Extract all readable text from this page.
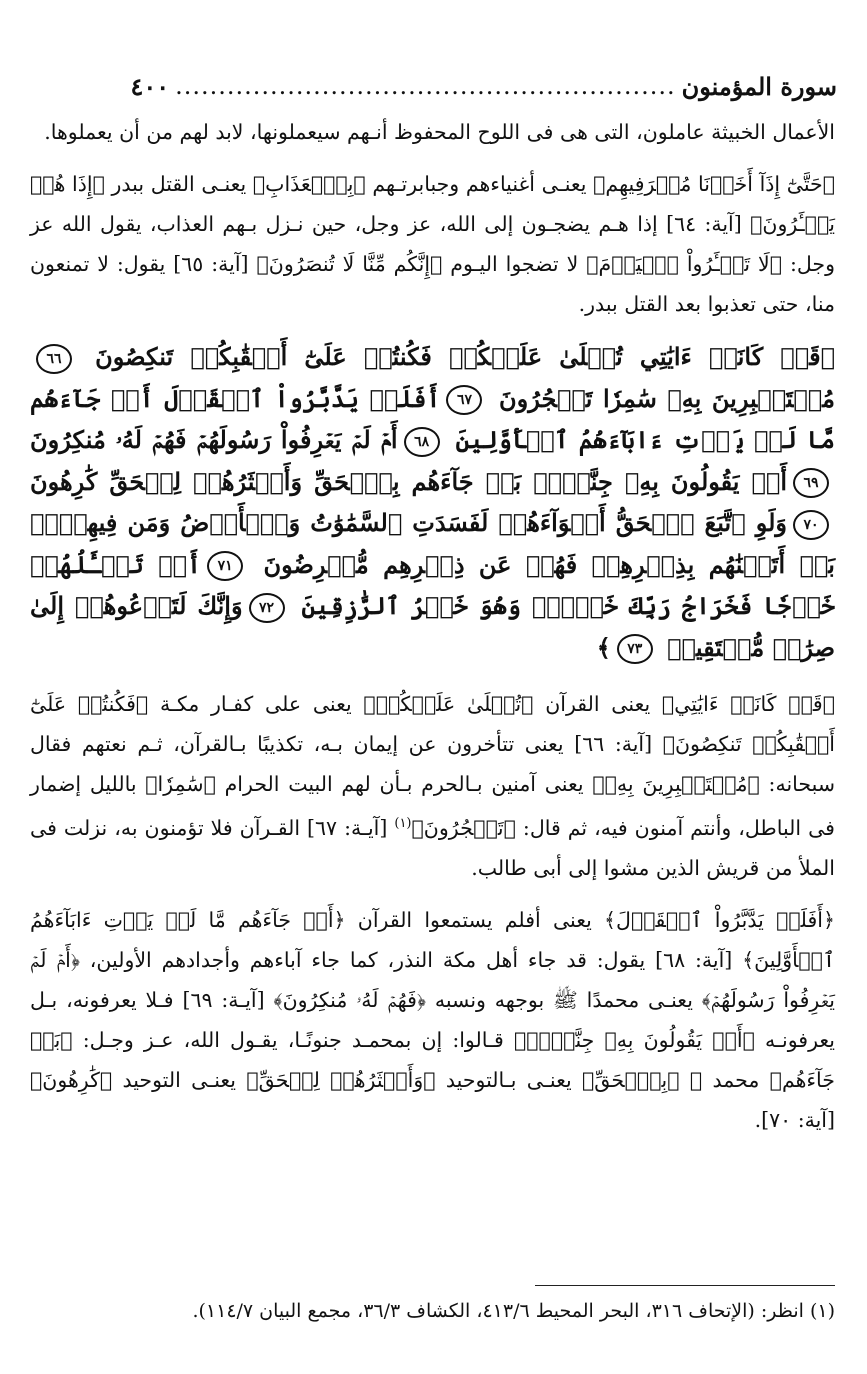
سورة المؤمنون
..........................................................
٤٠٠

الأعمال الخبيثة عاملون، التى هى فى اللوح المحفوظ أنـهم سيعملونها، لابد لهم من أن يعملوها.

﴿حَتَّىٰٓ إِذَآ أَخَذۡنَا مُتۡرَفِيهِم﴾ يعنـى أغنياءهم وجبابرتـهم ﴿بِٱلۡعَذَابِ﴾ يعنـى القتل ببدر ﴿إِذَا هُمۡ يَجۡـَٔرُونَ﴾ [آية: ٦٤] إذا هـم يضجـون إلى الله، عز وجل، حين نـزل بـهم العذاب، يقول الله عز وجل: ﴿لَا تَجۡـَٔرُواْ ٱلۡيَوۡمَ﴾ لا تضجوا اليـوم ﴿إِنَّكُم مِّنَّا لَا تُنصَرُونَ﴾ [آية: ٦٥] يقول: لا تمنعون منا، حتى تعذبوا بعد القتل ببدر.

﴿قَدۡ كَانَتۡ ءَايَٰتِي تُتۡلَىٰ عَلَيۡكُمۡ فَكُنتُمۡ عَلَىٰٓ أَعۡقَٰبِكُمۡ تَنكِصُونَ ٦٦مُسۡتَكۡبِرِينَ بِهِۦ سَٰمِرٗا تَهۡجُرُونَ ٦٧أَفَلَمۡ يَدَّبَّرُواْ ٱلۡقَوۡلَ أَمۡ جَآءَهُم مَّا لَمۡ يَأۡتِ ءَابَآءَهُمُ ٱلۡأَوَّلِينَ ٦٨أَمۡ لَمۡ يَعۡرِفُواْ رَسُولَهُمۡ فَهُمۡ لَهُۥ مُنكِرُونَ ٦٩أَمۡ يَقُولُونَ بِهِۦ جِنَّةُۢۚ بَلۡ جَآءَهُم بِٱلۡحَقِّ وَأَكۡثَرُهُمۡ لِلۡحَقِّ كَٰرِهُونَ ٧٠وَلَوِ ٱتَّبَعَ ٱلۡحَقُّ أَهۡوَآءَهُمۡ لَفَسَدَتِ ٱلسَّمَٰوَٰتُ وَٱلۡأَرۡضُ وَمَن فِيهِنَّۚ بَلۡ أَتَيۡنَٰهُم بِذِكۡرِهِمۡ فَهُمۡ عَن ذِكۡرِهِم مُّعۡرِضُونَ ٧١أَمۡ تَسۡـَٔلُهُمۡ خَرۡجٗا فَخَرَاجُ رَبِّكَ خَيۡرٞۖ وَهُوَ خَيۡرُ ٱلرَّٰزِقِينَ ٧٢وَإِنَّكَ لَتَدۡعُوهُمۡ إِلَىٰ صِرَٰطٖ مُّسۡتَقِيمٖ ٧٣﴾

﴿قَدۡ كَانَتۡ ءَايَٰتِي﴾ يعنى القرآن ﴿تُتۡلَىٰ عَلَيۡكُمۡ﴾ يعنى على كفـار مكـة ﴿فَكُنتُمۡ عَلَىٰٓ أَعۡقَٰبِكُمۡ تَنكِصُونَ﴾ [آية: ٦٦] يعنى تتأخرون عن إيمان بـه، تكذيبًا بـالقرآن، ثـم نعتهم فقال سبحانه: ﴿مُسۡتَكۡبِرِينَ بِهِۦ﴾ يعنى آمنين بـالحرم بـأن لهم البيت الحرام ﴿سَٰمِرٗا﴾ بالليل إضمار فى الباطل، وأنتم آمنون فيه، ثم قال: ﴿تَهۡجُرُونَ﴾$^{(١)}$ [آيـة: ٦٧] القـرآن فلا تؤمنون به، نزلت فى الملأ من قريش الذين مشوا إلى أبى طالب.

﴿أَفَلَمۡ يَدَّبَّرُواْ ٱلۡقَوۡلَ﴾ يعنى أفلم يستمعوا القرآن ﴿أَمۡ جَآءَهُم مَّا لَمۡ يَأۡتِ ءَابَآءَهُمُ ٱلۡأَوَّلِينَ﴾ [آية: ٦٨] يقول: قد جاء أهل مكة النذر، كما جاء آباءهم وأجدادهم الأولين، ﴿أَمۡ لَمۡ يَعۡرِفُواْ رَسُولَهُمۡ﴾ يعنـى محمدًا ﷺ بوجهه ونسبه ﴿فَهُمۡ لَهُۥ مُنكِرُونَ﴾ [آيـة: ٦٩] فـلا يعرفونه، بـل يعرفونـه ﴿أَمۡ يَقُولُونَ بِهِۦ جِنَّةُۢۚ﴾ قـالوا: إن بمحمـد جنونًـا، يقـول الله، عـز وجـل: ﴿بَلۡ جَآءَهُم﴾ محمد ﷺ ﴿بِٱلۡحَقِّ﴾ يعنـى بـالتوحيد ﴿وَأَكۡثَرُهُمۡ لِلۡحَقِّ﴾ يعنـى التوحيد ﴿كَٰرِهُونَ﴾ [آية: ٧٠].

(١) انظر: (الإتحاف ٣١٦، البحر المحيط ٤١٣/٦، الكشاف ٣٦/٣، مجمع البيان ١١٤/٧).
